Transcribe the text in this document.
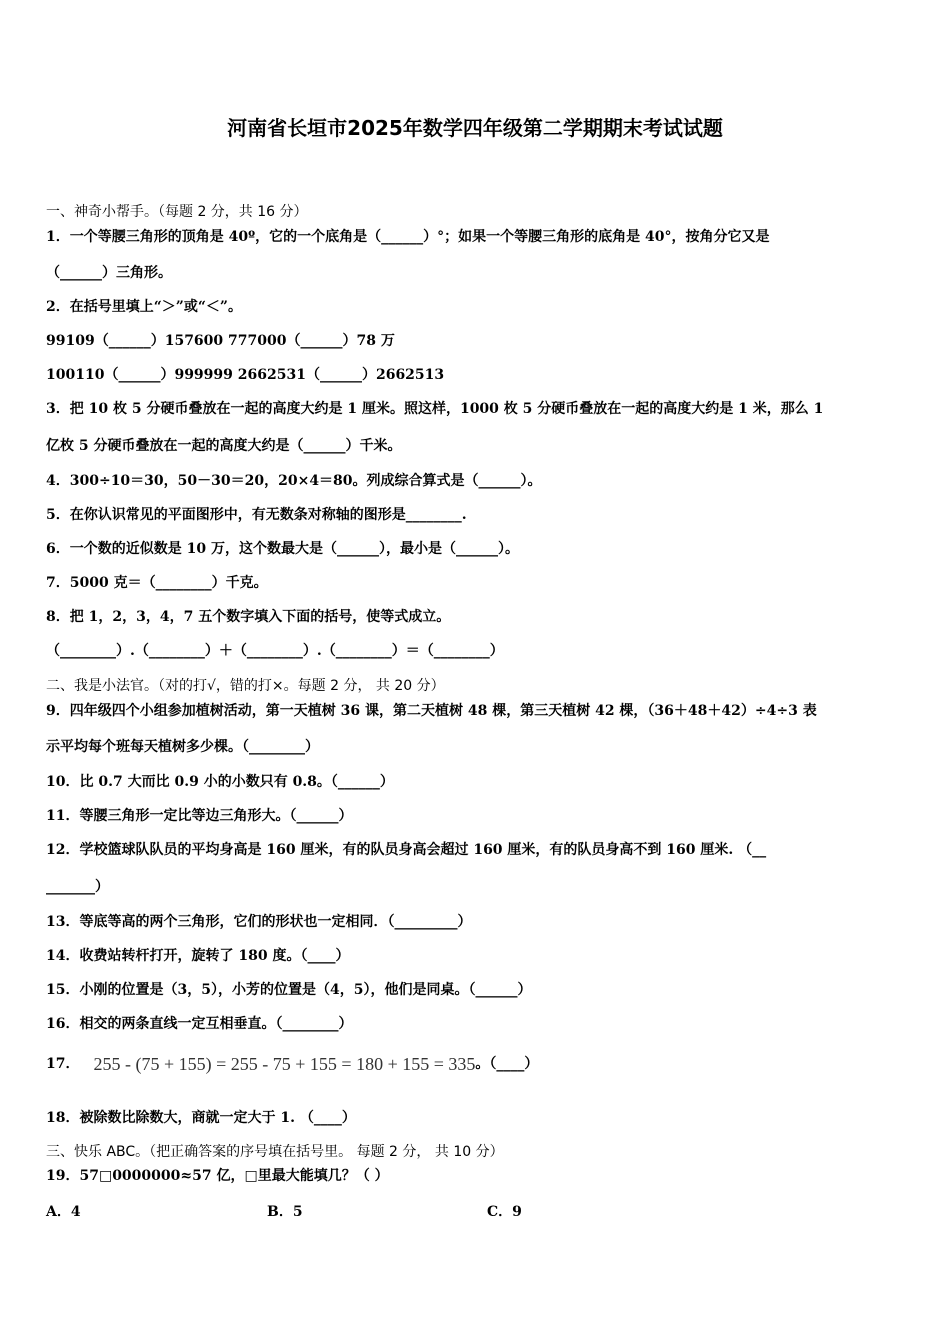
河南省长垣市2025年数学四年级第二学期期末考试试题
一、神奇小帮手。（每题 2 分，共 16 分）
1．一个等腰三角形的顶角是 40º，它的一个底角是（______）°；如果一个等腰三角形的底角是 40°，按角分它又是
（______）三角形。
2．在括号里填上“＞”或“＜”。
99109（______）157600 777000（______）78 万
100110（______）999999 2662531（______）2662513
3．把 10 枚 5 分硬币叠放在一起的高度大约是 1 厘米。照这样，1000 枚 5 分硬币叠放在一起的高度大约是 1 米，那么 1
亿枚 5 分硬币叠放在一起的高度大约是（______）千米。
4．300÷10＝30，50－30＝20，20×4＝80。列成综合算式是（______）。
5．在你认识常见的平面图形中，有无数条对称轴的图形是________.
6．一个数的近似数是 10 万，这个数最大是（______），最小是（______）。
7．5000 克＝（________）千克。
8．把 1，2，3，4，7 五个数字填入下面的括号，使等式成立。
（________）.（________）＋（________）.（________）＝（________）
二、我是小法官。（对的打√，错的打×。每题 2 分， 共 20 分）
9．四年级四个小组参加植树活动，第一天植树 36 课，第二天植树 48 棵，第三天植树 42 棵，（36＋48＋42）÷4÷3 表
示平均每个班每天植树多少棵。（________）
10．比 0.7 大而比 0.9 小的小数只有 0.8。（______）
11．等腰三角形一定比等边三角形大。（______）
12．学校篮球队队员的平均身高是 160 厘米，有的队员身高会超过 160 厘米，有的队员身高不到 160 厘米. （__
_______）
13．等底等高的两个三角形，它们的形状也一定相同．（_________）
14．收费站转杆打开，旋转了 180 度。（____）
15．小刚的位置是（3，5），小芳的位置是（4，5），他们是同桌。（______）
16．相交的两条直线一定互相垂直。（________）
17． 255 - (75 + 155) = 255 - 75 + 155 = 180 + 155 = 335。（____）
18．被除数比除数大，商就一定大于 1. （____）
三、快乐 ABC。（把正确答案的序号填在括号里。 每题 2 分， 共 10 分）
19．57□0000000≈57 亿，□里最大能填几？（ ）
A．4	B．5	C．9
